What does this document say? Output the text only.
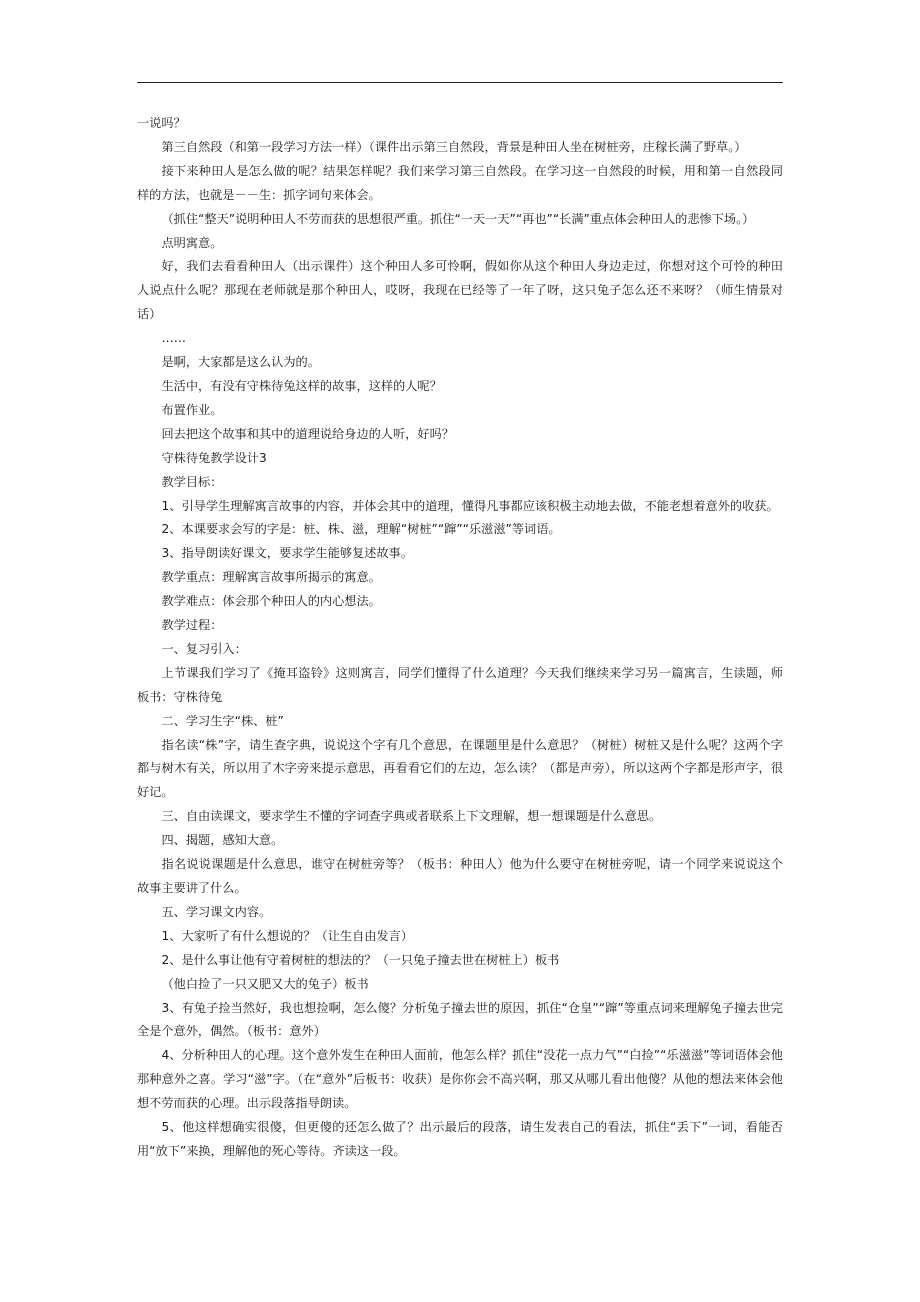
一说吗？

第三自然段（和第一段学习方法一样）（课件出示第三自然段，背景是种田人坐在树桩旁，庄稼长满了野草。）

接下来种田人是怎么做的呢？结果怎样呢？我们来学习第三自然段。在学习这一自然段的时候，用和第一自然段同样的方法，也就是－－生：抓字词句来体会。

（抓住“整天”说明种田人不劳而获的思想很严重。抓住“一天一天”“再也”“长满”重点体会种田人的悲惨下场。）

点明寓意。

好，我们去看看种田人（出示课件）这个种田人多可怜啊，假如你从这个种田人身边走过，你想对这个可怜的种田人说点什么呢？那现在老师就是那个种田人，哎呀，我现在已经等了一年了呀，这只兔子怎么还不来呀？（师生情景对话）

……

是啊，大家都是这么认为的。

生活中，有没有守株待兔这样的故事，这样的人呢？

布置作业。

回去把这个故事和其中的道理说给身边的人听，好吗？

守株待兔教学设计3

教学目标：

1、引导学生理解寓言故事的内容，并体会其中的道理，懂得凡事都应该积极主动地去做，不能老想着意外的收获。

2、本课要求会写的字是：桩、株、滋，理解“树桩”“蹿”“乐滋滋”等词语。

3、指导朗读好课文，要求学生能够复述故事。

教学重点：理解寓言故事所揭示的寓意。

教学难点：体会那个种田人的内心想法。

教学过程：

一、复习引入：

上节课我们学习了《掩耳盗铃》这则寓言，同学们懂得了什么道理？今天我们继续来学习另一篇寓言，生读题，师板书：守株待兔

二、学习生字“株、桩”

指名读“株”字，请生查字典，说说这个字有几个意思，在课题里是什么意思？（树桩）树桩又是什么呢？这两个字都与树木有关，所以用了木字旁来提示意思，再看看它们的左边，怎么读？（都是声旁），所以这两个字都是形声字，很好记。

三、自由读课文，要求学生不懂的字词查字典或者联系上下文理解，想一想课题是什么意思。

四、揭题，感知大意。

指名说说课题是什么意思，谁守在树桩旁等？（板书：种田人）他为什么要守在树桩旁呢，请一个同学来说说这个故事主要讲了什么。

五、学习课文内容。

1、大家听了有什么想说的？（让生自由发言）

2、是什么事让他有守着树桩的想法的？（一只兔子撞去世在树桩上）板书

（他白捡了一只又肥又大的兔子）板书

3、有兔子捡当然好，我也想捡啊，怎么傻？分析兔子撞去世的原因，抓住“仓皇”“蹿”等重点词来理解兔子撞去世完全是个意外，偶然。（板书：意外）

4、分析种田人的心理。这个意外发生在种田人面前，他怎么样？抓住“没花一点力气”“白捡”“乐滋滋”等词语体会他那种意外之喜。学习“滋”字。（在“意外”后板书：收获）是你你会不高兴啊，那又从哪儿看出他傻？从他的想法来体会他想不劳而获的心理。出示段落指导朗读。

5、他这样想确实很傻，但更傻的还怎么做了？出示最后的段落，请生发表自己的看法，抓住“丢下”一词，看能否用“放下”来换，理解他的死心等待。齐读这一段。
